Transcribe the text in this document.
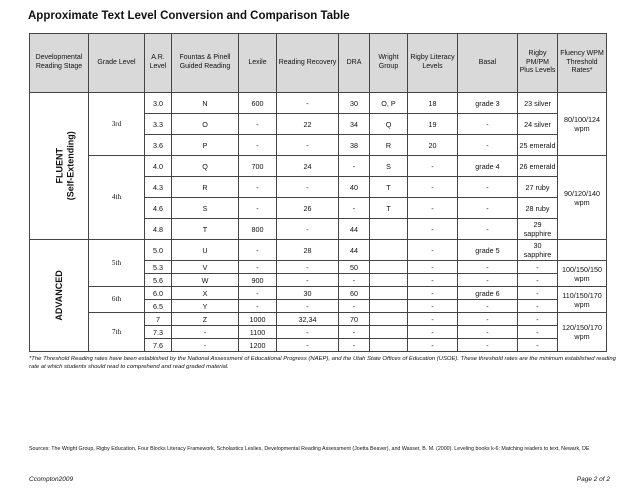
Approximate Text Level Conversion and Comparison Table
Developmental Reading Stage	Grade Level	A.R. Level	Fountas & Pinell Guided Reading	Lexile	Reading Recovery	DRA	Wright Group	Rigby Literacy Levels	Basal	Rigby PM/PM Plus Levels	Fluency WPM Threshold Rates*

FLUENT (Self-Extending)	3rd	3.0	N	600	-	30	O, P	18	grade 3	23 silver	80/100/124 wpm
		3.3	O	-	22	34	Q	19	-	24 silver	
		3.6	P	-	-	38	R	20	-	25 emerald	
	4th	4.0	Q	700	24	-	S	-	grade 4	26 emerald	90/120/140 wpm
		4.3	R	-	-	40	T	-	-	27 ruby	
		4.6	S	-	26	-	T	-	-	28 ruby	
		4.8	T	800	-	44		-	-	29 sapphire	

ADVANCED	5th	5.0	U	-	28	44		-	grade 5	30 sapphire	
		5.3	V	-	-	50		-	-	-	100/150/150 wpm
		5.6	W	900	-	-		-	-	-	
	6th	6.0	X	-	30	60		-	grade 6	-	110/150/170 wpm
		6.5	Y	-	-	-		-	-	-	
	7th	7	Z	1000	32,34	70		-	-	-	120/150/170 wpm
		7.3	-	1100	-	-		-	-	-	
		7.6	-	1200	-	-		-	-	-	
*The Threshold Reading rates have been established by the National Assessment of Educational Progress (NAEP), and the Utah State Offices of Education (USOE). These threshold rates are the minimum established reading rate at which students should read to comprehend and read graded material.
Sources: The Wright Group, Rigby Education, Four Blocks Literacy Framework, Scholastics Leslies, Developmental Reading Assessment (Joetta Beaver), and Wasser, B. M. (2000). Leveling books k-6: Matching readers to text, Newark, DE
Ccompton2009	Page 2 of 2
